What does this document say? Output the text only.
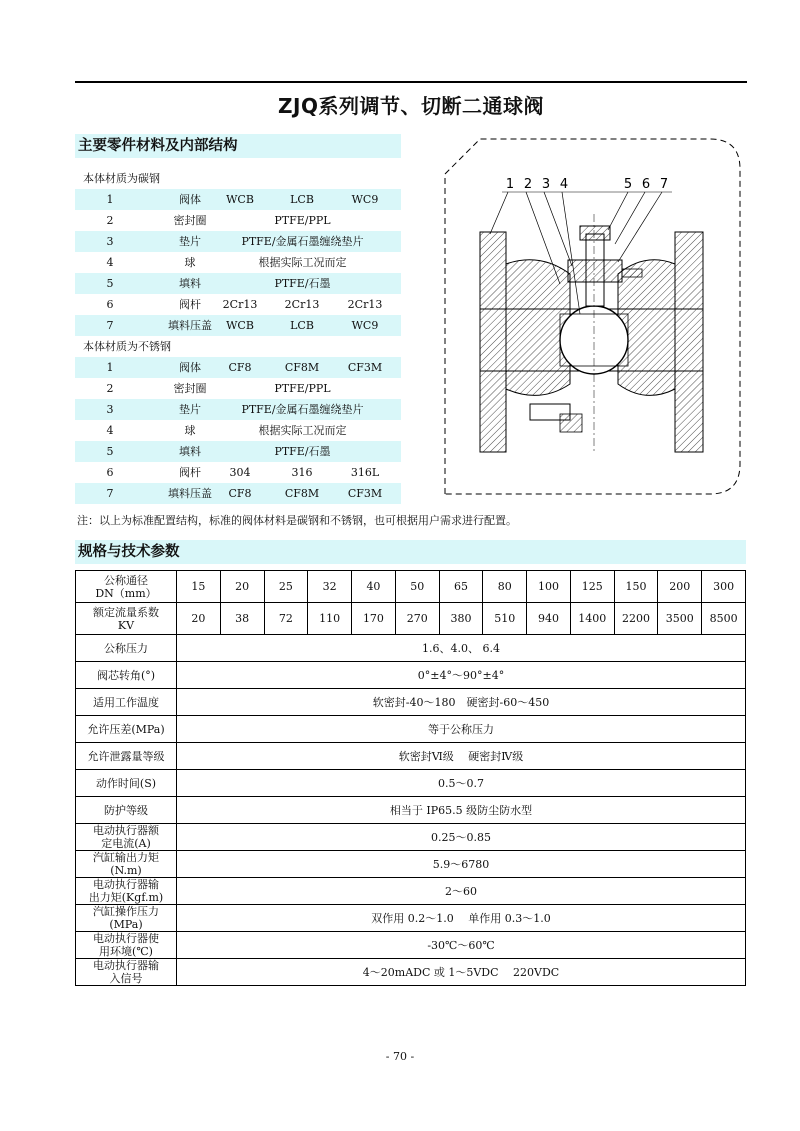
ZJQ系列调节、切断二通球阀
主要零件材料及内部结构
本体材质为碳钢
1	阀体	WCB	LCB	WC9
2	密封圈	PTFE/PPL
3	垫片	PTFE/金属石墨缠绕垫片
4	球	根据实际工况而定
5	填料	PTFE/石墨
6	阀杆	2Cr13	2Cr13	2Cr13
7	填料压盖	WCB	LCB	WC9
本体材质为不锈钢
1	阀体	CF8	CF8M	CF3M
2	密封圈	PTFE/PPL
3	垫片	PTFE/金属石墨缠绕垫片
4	球	根据实际工况而定
5	填料	PTFE/石墨
6	阀杆	304	316	316L
7	填料压盖	CF8	CF8M	CF3M
注：以上为标准配置结构，标准的阀体材料是碳钢和不锈钢，也可根据用户需求进行配置。
1 2 3 4	5 6 7
规格与技术参数
公称通径
DN（mm）	15	20	25	32	40	50	65	80	100	125	150	200	300
额定流量系数
KV	20	38	72	110	170	270	380	510	940	1400	2200	3500	8500
公称压力	1.6、4.0、 6.4												
阀芯转角(°)	0°±4°～90°±4°												
适用工作温度	软密封-40～180　硬密封-60～450												
允许压差(MPa)	等于公称压力												
允许泄露量等级	软密封Ⅵ级　 硬密封Ⅳ级												
动作时间(S)	0.5～0.7												
防护等级	相当于 IP65.5 级防尘防水型												
电动执行器额
定电流(A)	0.25～0.85												
汽缸输出力矩
(N.m)	5.9～6780												
电动执行器输
出力矩(Kgf.m)	2～60												
汽缸操作压力
(MPa)	双作用 0.2～1.0　 单作用 0.3～1.0												
电动执行器使
用环境(℃)	-30℃～60℃												
电动执行器输
入信号	4～20mADC 或 1～5VDC　 220VDC												
- 70 -
